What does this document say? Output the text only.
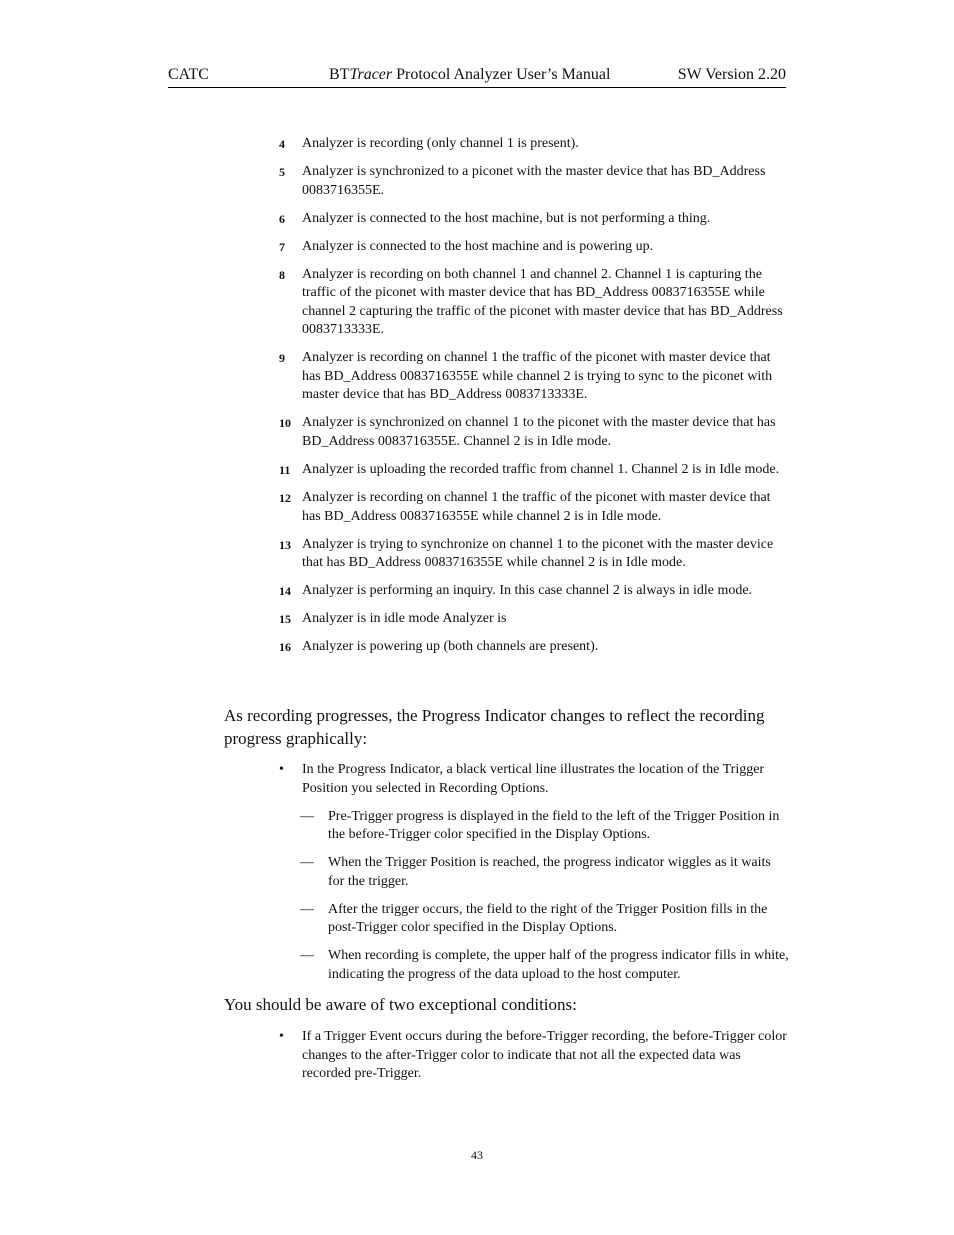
CATC	BTTracer Protocol Analyzer User’s Manual	SW Version 2.20
4 Analyzer is recording (only channel 1 is present).
5 Analyzer is synchronized to a piconet with the master device that has BD_Address 0083716355E.
6 Analyzer is connected to the host machine, but is not performing a thing.
7 Analyzer is connected to the host machine and is powering up.
8 Analyzer is recording on both channel 1 and channel 2. Channel 1 is capturing the traffic of the piconet with master device that has BD_Address 0083716355E while channel 2 capturing the traffic of the piconet with master device that has BD_Address 0083713333E.
9 Analyzer is recording on channel 1 the traffic of the piconet with master device that has BD_Address 0083716355E while channel 2 is trying to sync to the piconet with master device that has BD_Address 0083713333E.
10 Analyzer is synchronized on channel 1 to the piconet with the master device that has BD_Address 0083716355E. Channel 2 is in Idle mode.
11 Analyzer is uploading the recorded traffic from channel 1. Channel 2 is in Idle mode.
12 Analyzer is recording on channel 1 the traffic of the piconet with master device that has BD_Address 0083716355E while channel 2 is in Idle mode.
13 Analyzer is trying to synchronize on channel 1 to the piconet with the master device that has BD_Address 0083716355E while channel 2 is in Idle mode.
14 Analyzer is performing an inquiry. In this case channel 2 is always in idle mode.
15 Analyzer is in idle mode Analyzer is
16 Analyzer is powering up (both channels are present).
As recording progresses, the Progress Indicator changes to reflect the recording progress graphically:
• In the Progress Indicator, a black vertical line illustrates the location of the Trigger Position you selected in Recording Options.
— Pre-Trigger progress is displayed in the field to the left of the Trigger Position in the before-Trigger color specified in the Display Options.
— When the Trigger Position is reached, the progress indicator wiggles as it waits for the trigger.
— After the trigger occurs, the field to the right of the Trigger Position fills in the post-Trigger color specified in the Display Options.
— When recording is complete, the upper half of the progress indicator fills in white, indicating the progress of the data upload to the host computer.
You should be aware of two exceptional conditions:
• If a Trigger Event occurs during the before-Trigger recording, the before-Trigger color changes to the after-Trigger color to indicate that not all the expected data was recorded pre-Trigger.
43
